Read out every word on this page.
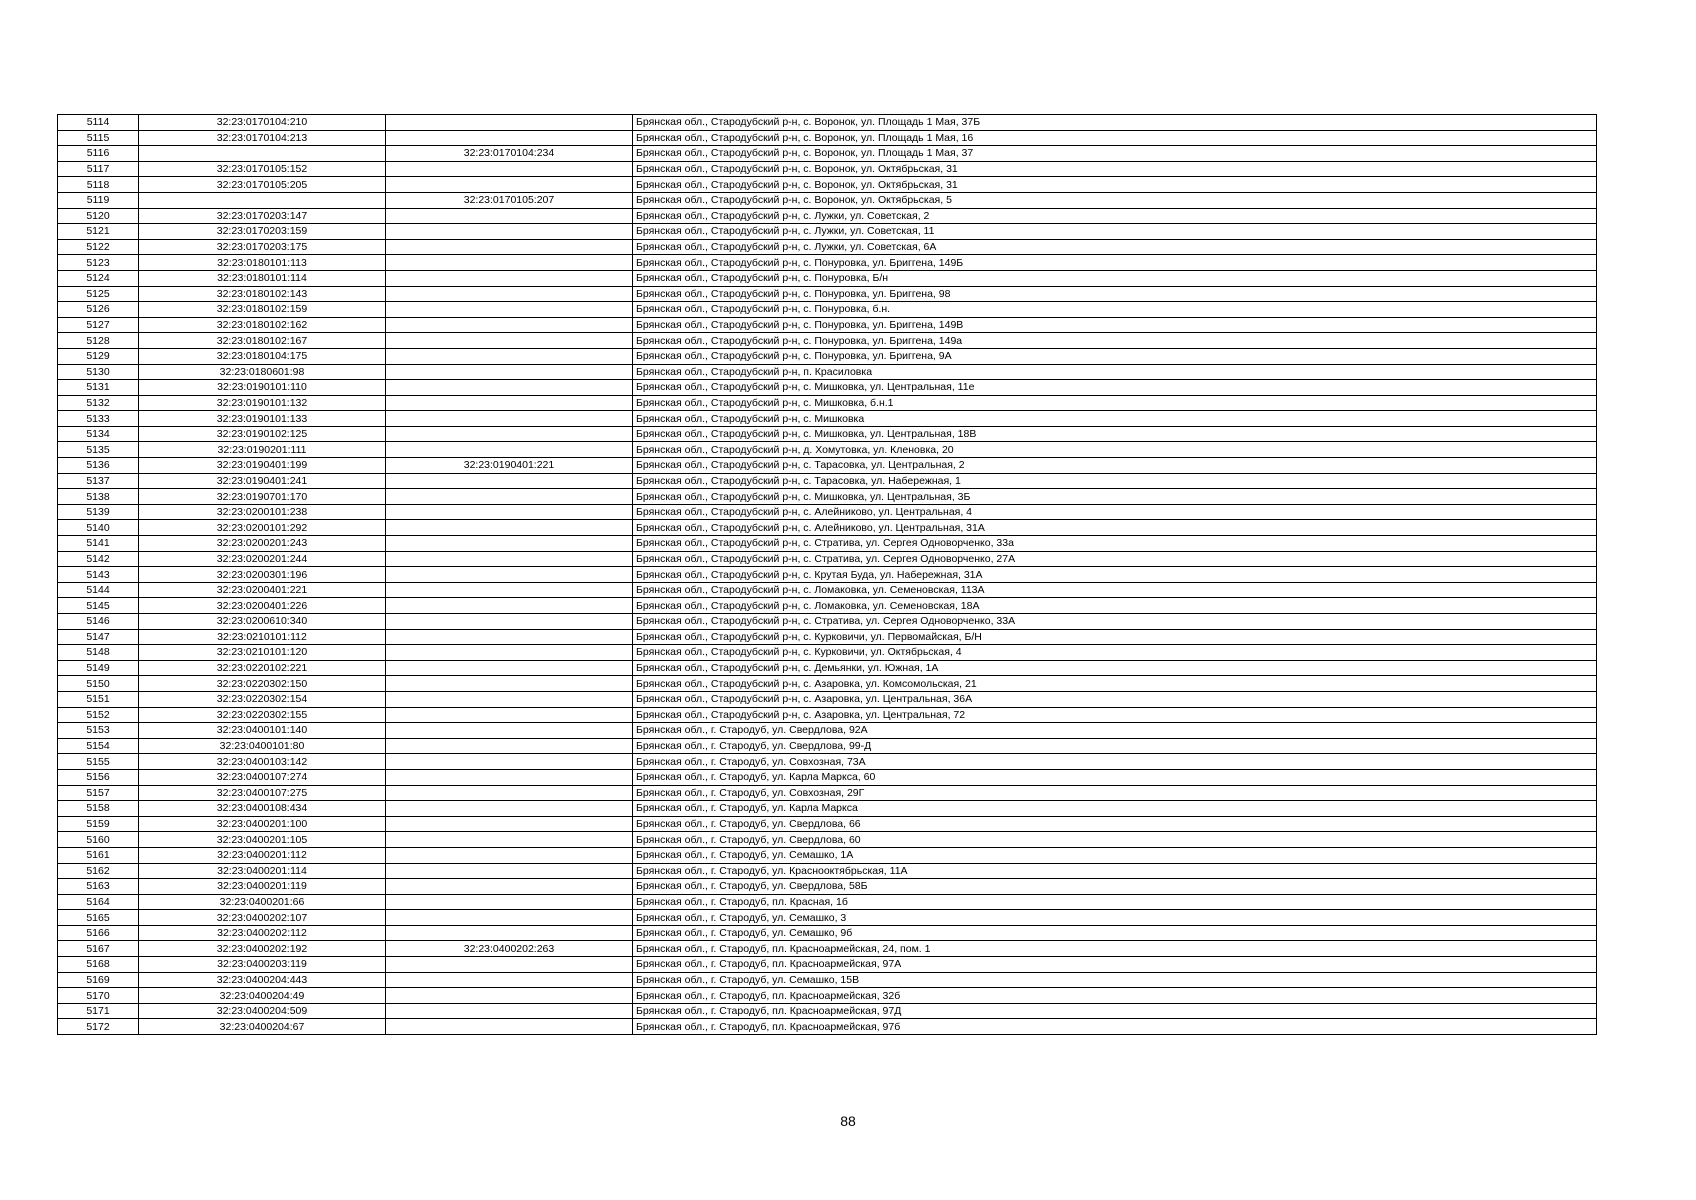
5114	32:23:0170104:210		Брянская обл., Стародубский р-н, с. Воронок, ул. Площадь 1 Мая, 37Б
5115	32:23:0170104:213		Брянская обл., Стародубский р-н, с. Воронок, ул. Площадь 1 Мая, 16
5116		32:23:0170104:234	Брянская обл., Стародубский р-н, с. Воронок, ул. Площадь 1 Мая, 37
5117	32:23:0170105:152		Брянская обл., Стародубский р-н, с. Воронок, ул. Октябрьская, 31
5118	32:23:0170105:205		Брянская обл., Стародубский р-н, с. Воронок, ул. Октябрьская, 31
5119		32:23:0170105:207	Брянская обл., Стародубский р-н, с. Воронок, ул. Октябрьская, 5
5120	32:23:0170203:147		Брянская обл., Стародубский р-н, с. Лужки, ул. Советская, 2
5121	32:23:0170203:159		Брянская обл., Стародубский р-н, с. Лужки, ул. Советская, 11
5122	32:23:0170203:175		Брянская обл., Стародубский р-н, с. Лужки, ул. Советская, 6А
5123	32:23:0180101:113		Брянская обл., Стародубский р-н, с. Понуровка, ул. Бриггена, 149Б
5124	32:23:0180101:114		Брянская обл., Стародубский р-н, с. Понуровка, Б/н
5125	32:23:0180102:143		Брянская обл., Стародубский р-н, с. Понуровка, ул. Бриггена, 98
5126	32:23:0180102:159		Брянская обл., Стародубский р-н, с. Понуровка, б.н.
5127	32:23:0180102:162		Брянская обл., Стародубский р-н, с. Понуровка, ул. Бриггена, 149В
5128	32:23:0180102:167		Брянская обл., Стародубский р-н, с. Понуровка, ул. Бриггена, 149а
5129	32:23:0180104:175		Брянская обл., Стародубский р-н, с. Понуровка, ул. Бриггена, 9А
5130	32:23:0180601:98		Брянская обл., Стародубский р-н, п. Красиловка
5131	32:23:0190101:110		Брянская обл., Стародубский р-н, с. Мишковка, ул. Центральная, 11е
5132	32:23:0190101:132		Брянская обл., Стародубский р-н, с. Мишковка, б.н.1
5133	32:23:0190101:133		Брянская обл., Стародубский р-н, с. Мишковка
5134	32:23:0190102:125		Брянская обл., Стародубский р-н, с. Мишковка, ул. Центральная, 18В
5135	32:23:0190201:111		Брянская обл., Стародубский р-н, д. Хомутовка, ул. Кленовка, 20
5136	32:23:0190401:199	32:23:0190401:221	Брянская обл., Стародубский р-н, с. Тарасовка, ул. Центральная, 2
5137	32:23:0190401:241		Брянская обл., Стародубский р-н, с. Тарасовка, ул. Набережная, 1
5138	32:23:0190701:170		Брянская обл., Стародубский р-н, с. Мишковка, ул. Центральная, 3Б
5139	32:23:0200101:238		Брянская обл., Стародубский р-н, с. Алейниково, ул. Центральная, 4
5140	32:23:0200101:292		Брянская обл., Стародубский р-н, с. Алейниково, ул. Центральная, 31А
5141	32:23:0200201:243		Брянская обл., Стародубский р-н, с. Стратива, ул. Сергея Одноворченко, 33а
5142	32:23:0200201:244		Брянская обл., Стародубский р-н, с. Стратива, ул. Сергея Одноворченко, 27А
5143	32:23:0200301:196		Брянская обл., Стародубский р-н, с. Крутая Буда, ул. Набережная, 31А
5144	32:23:0200401:221		Брянская обл., Стародубский р-н, с. Ломаковка, ул. Семеновская, 113А
5145	32:23:0200401:226		Брянская обл., Стародубский р-н, с. Ломаковка, ул. Семеновская, 18А
5146	32:23:0200610:340		Брянская обл., Стародубский р-н, с. Стратива, ул. Сергея Одноворченко, 33А
5147	32:23:0210101:112		Брянская обл., Стародубский р-н, с. Курковичи, ул. Первомайская, Б/Н
5148	32:23:0210101:120		Брянская обл., Стародубский р-н, с. Курковичи, ул. Октябрьская, 4
5149	32:23:0220102:221		Брянская обл., Стародубский р-н, с. Демьянки, ул. Южная, 1А
5150	32:23:0220302:150		Брянская обл., Стародубский р-н, с. Азаровка, ул. Комсомольская, 21
5151	32:23:0220302:154		Брянская обл., Стародубский р-н, с. Азаровка, ул. Центральная, 36А
5152	32:23:0220302:155		Брянская обл., Стародубский р-н, с. Азаровка, ул. Центральная, 72
5153	32:23:0400101:140		Брянская обл., г. Стародуб, ул. Свердлова, 92А
5154	32:23:0400101:80		Брянская обл., г. Стародуб, ул. Свердлова, 99-Д
5155	32:23:0400103:142		Брянская обл., г. Стародуб, ул. Совхозная, 73А
5156	32:23:0400107:274		Брянская обл., г. Стародуб, ул. Карла Маркса, 60
5157	32:23:0400107:275		Брянская обл., г. Стародуб, ул. Совхозная, 29Г
5158	32:23:0400108:434		Брянская обл., г. Стародуб, ул. Карла Маркса
5159	32:23:0400201:100		Брянская обл., г. Стародуб, ул. Свердлова, 66
5160	32:23:0400201:105		Брянская обл., г. Стародуб, ул. Свердлова, 60
5161	32:23:0400201:112		Брянская обл., г. Стародуб, ул. Семашко, 1А
5162	32:23:0400201:114		Брянская обл., г. Стародуб, ул. Краснооктябрьская, 11А
5163	32:23:0400201:119		Брянская обл., г. Стародуб, ул. Свердлова, 58Б
5164	32:23:0400201:66		Брянская обл., г. Стародуб, пл. Красная, 1б
5165	32:23:0400202:107		Брянская обл., г. Стародуб, ул. Семашко, 3
5166	32:23:0400202:112		Брянская обл., г. Стародуб, ул. Семашко, 9б
5167	32:23:0400202:192	32:23:0400202:263	Брянская обл., г. Стародуб, пл. Красноармейская, 24, пом. 1
5168	32:23:0400203:119		Брянская обл., г. Стародуб, пл. Красноармейская, 97А
5169	32:23:0400204:443		Брянская обл., г. Стародуб, ул. Семашко, 15В
5170	32:23:0400204:49		Брянская обл., г. Стародуб, пл. Красноармейская, 32б
5171	32:23:0400204:509		Брянская обл., г. Стародуб, пл. Красноармейская, 97Д
5172	32:23:0400204:67		Брянская обл., г. Стародуб, пл. Красноармейская, 97б
88
